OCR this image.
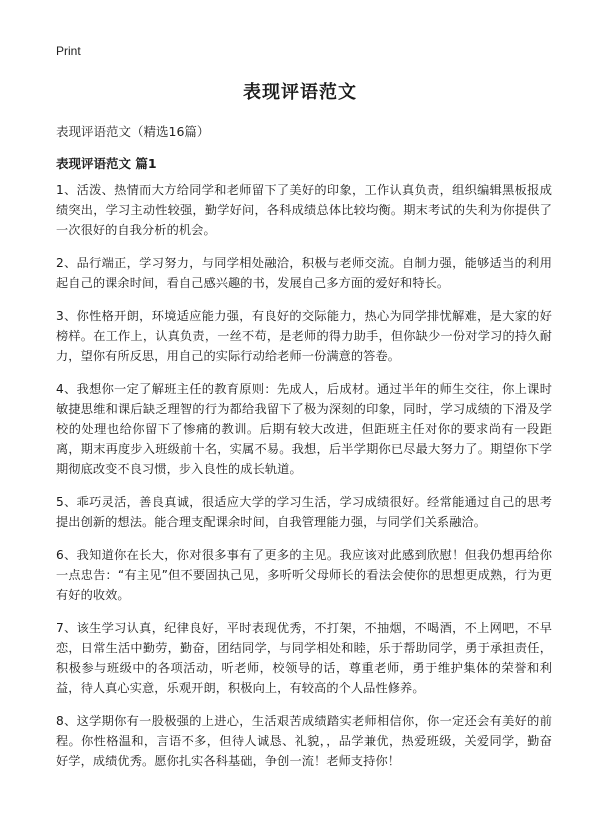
Print
表现评语范文

表现评语范文（精选16篇）

表现评语范文 篇1

1、活泼、热情而大方给同学和老师留下了美好的印象，工作认真负责，组织编辑黑板报成绩突出，学习主动性较强，勤学好问，各科成绩总体比较均衡。期末考试的失利为你提供了一次很好的自我分析的机会。

2、品行端正，学习努力，与同学相处融洽，积极与老师交流。自制力强，能够适当的利用起自己的课余时间，看自己感兴趣的书，发展自己多方面的爱好和特长。

3、你性格开朗，环境适应能力强，有良好的交际能力，热心为同学排忧解难，是大家的好榜样。在工作上，认真负责，一丝不苟，是老师的得力助手，但你缺少一份对学习的持久耐力，望你有所反思，用自己的实际行动给老师一份满意的答卷。

4、我想你一定了解班主任的教育原则：先成人，后成材。通过半年的师生交往，你上课时敏捷思维和课后缺乏理智的行为都给我留下了极为深刻的印象，同时，学习成绩的下滑及学校的处理也给你留下了惨痛的教训。后期有较大改进，但距班主任对你的要求尚有一段距离，期末再度步入班级前十名，实属不易。我想，后半学期你已尽最大努力了。期望你下学期彻底改变不良习惯，步入良性的成长轨道。

5、乖巧灵活，善良真诚，很适应大学的学习生活，学习成绩很好。经常能通过自己的思考提出创新的想法。能合理支配课余时间，自我管理能力强，与同学们关系融洽。

6、我知道你在长大，你对很多事有了更多的主见。我应该对此感到欣慰！但我仍想再给你一点忠告：“有主见”但不要固执己见，多听听父母师长的看法会使你的思想更成熟，行为更有好的收效。

7、该生学习认真，纪律良好，平时表现优秀，不打架，不抽烟，不喝酒，不上网吧，不早恋，日常生活中勤劳，勤奋，团结同学，与同学相处和睦，乐于帮助同学，勇于承担责任，积极参与班级中的各项活动，听老师，校领导的话，尊重老师，勇于维护集体的荣誉和利益，待人真心实意，乐观开朗，积极向上，有较高的个人品性修养。

8、这学期你有一股极强的上进心，生活艰苦成绩踏实老师相信你，你一定还会有美好的前程。你性格温和，言语不多，但待人诚恳、礼貌，，品学兼优，热爱班级，关爱同学，勤奋好学，成绩优秀。愿你扎实各科基础，争创一流！老师支持你！
